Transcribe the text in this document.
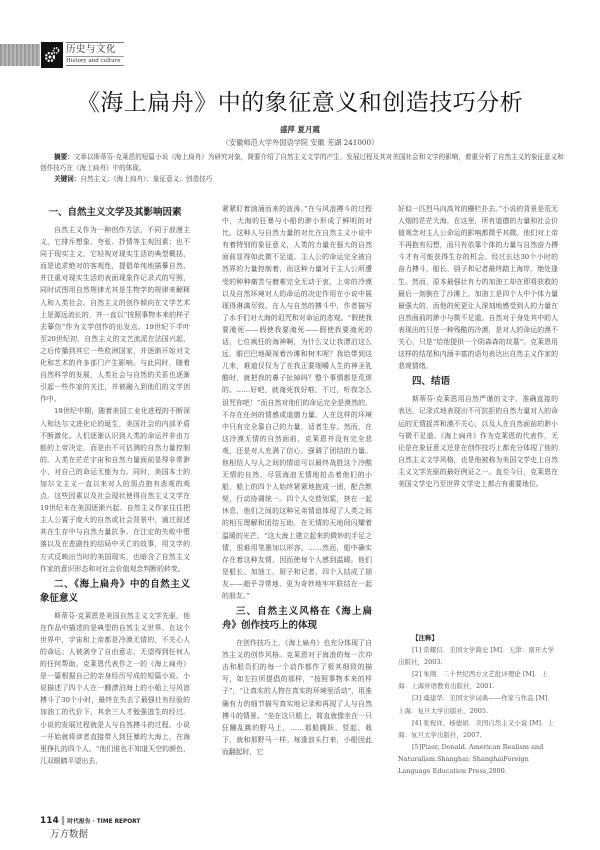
历史与文化
History and culture
《海上扁舟》中的象征意义和创造技巧分析
盛萍 夏月霞
（安徽师范大学外国语学院 安徽 芜湖 241000）
摘要：文章以斯蒂芬·克莱恩的短篇小说《海上扁舟》为研究对象，简要介绍了自然主义文学的产生、发展过程及其对美国社会和文学的影响，着重分析了自然主义的象征意义和创作技巧在《海上扁舟》中的体现。
关键词：自然主义；《海上扁舟》；象征意义；创造技巧
一、自然主义文学及其影响因素

自然主义作为一种创作方法，不同于浪漫主义，它排斥想象、夸张、抒情等主观因素；也不同于现实主义，它轻视对现实生活的典型概括，而是追求绝对的客观性，提倡单纯地描摹自然，并注重对现实生活的表面现象作记录式的写照，同时试图用自然规律尤其是生物学的规律来解释人和人类社会。自然主义的创作倾向在文学艺术上是源远流长的，并一直以“按照事物本来的样子去摹仿”作为文学创作的出发点。19世纪下半叶至20世纪初，自然主义的文艺流派在法国兴起，之后传播到其它一些欧洲国家，并逐渐开始对文化和艺术的许多部门产生影响。与此同时，随着自然科学的发展，人类社会与自然的关系也逐渐引起一些作家的关注，并被融入到他们的文学创作中。

19世纪中期，随着美国工业化进程的不断深入和达尔文进化论的诞生，美国社会的内部矛盾不断激化。人们逐渐认识到人类的命运并非由万能的上帝决定，而是由不可估测的自然力量控制的。人类在茫茫宇宙和自然力量面前显得非常渺小，对自己的命运无能为力。同时，美国本土的加尔文主义一直以来对人的弱点抱有悲观的观点。这些因素以及社会现状使得自然主义文学在19世纪末在美国逐渐兴起。自然主义作家往往把主人公置于庞大的自然或社会背景中，通过叙述其在生存中与自然力量抗争、在注定的失败中堕落以及在悲剧性的结局中灭亡的故事，用文学的方式反映出当时的美国现实，也暗含了自然主义作家的意识形态和对社会价值观念判断的转变。

二、《海上扁舟》中的自然主义象征意义

斯蒂芬·克莱恩是美国自然主义文学先驱，他在作品中描述的是典型的自然主义世界。在这个世界中，宇宙和上帝都是冷漠无情的，不关心人的命运；人被剥夺了自由意志、无望得到任何人的任何帮助。克莱恩代表作之一的《海上扁舟》是一篇根据自己的亲身经历写成的短篇小说。小说描述了四个人在一艘漂泊海上的小船上与风浪搏斗了30个小时，最终在失去了最强壮有经验的加油工的代价下，其余三人才勉强逃生的经过。小说的发展过程就是人与自然搏斗的过程。小说一开始就将读者直接带入到狂暴的大海上，在海里挣扎的四个人。“他们谁也不知道天空的颜色，几双眼睛平望出去，

紧紧盯着汹涌而来的波涛。”在与风浪搏斗的过程中，大海的狂暴与小船的渺小形成了鲜明的对比。这种人与自然力量的对比在自然主义小说中有着特别的象征意义，人类的力量在强大的自然面前显得如此微不足道。主人公的命运完全被自然界的力量控制着，而这种力量对于主人公所遭受的种种痛苦与磨难完全无动于衷，上帝的冷漠以及自然环境对人的命运的决定作用在小说中展现得淋漓尽致。在人与自然的搏斗中，作者描写了水手们对大海的诅咒和对命运的悲观。“假使我要淹死——假使我要淹死——假使我要淹死的话，七位疯狂的海神啊，为什么又让我漂泊这么远，眼巴巴地凝视着沙滩和树木呢？我给带到这儿来，难道仅仅为了在我正要细嚼人生的神圣乳酪时，就把我的鼻子扯掉吗？整个事情都是荒谬的。……好吧，就淹死我好啦，不过，听我怎么诅咒你吧！”而自然对他们的命运完全是漠然的，不存在任何的情感或道德力量。人在这样的环境中只有完全靠自己的力量，适者生存。然而，在这冷漠无情的自然面前，克莱恩并没有完全悲观，还是对人充满了信心，强调了团结的力量。他相信人与人之间的情谊可以最终战胜这个冷酷无情的自然。尽管海浪无情地拍击着他们的小船，船上的四个人始终紧紧地抱成一团，配合默契，行动协调统一。四个人交替划桨，挤在一起休息，他们之间的这种兄弟情谊体现了人类之间的相互理解和团结互助，在无情的天地间闪耀着温暖的光芒。“这大海上建立起来的微妙的手足之情，很难用笔墨加以形容。……然而，船中确实存在着这种友情，因而使每个人感到温暖。他们是船长、加油工、厨子和记者，四个人结成了朋友——超乎寻常地、更为奇妙地牢牢联结在一起的朋友。”

三、自然主义风格在《海上扁舟》创作技巧上的体现

在创作技巧上，《海上扁舟》也充分体现了自然主义的创作风格。克莱恩对于海浪的每一次冲击和船员们的每一个动作都作了极其细致的描写，如左拉所提倡的那样，“按照事物本来的样子”，“让真实的人物在真实的环境里活动”，用准确有力的细节描写真实地记录和再现了人与自然搏斗的情景。“坐在这只船上，简直就像坐在一只狂蹦乱跳的野马上，……那船腾跃、竖起、栽下，就和那野马一样。每逢浪头打来，小船因此而翻起时，它

好似一匹烈马向高耸的栅栏扑去。”小说的背景是荒无人烟的茫茫大海，在这里，所有道德的力量和社会价值观念对主人公命运的影响都微乎其微。他们对上帝不再抱有幻想，而只有依靠个体的力量与自然奋力搏斗才有可能获得生存的机会。经过长达30个小时的奋力搏斗，船长、厨子和记者最终踏上海岸，绝处逢生。然而，原本最强壮有力的加油工却在即将获救的最后一刻倒在了沙滩上。加油工是四个人中个体力量最强大的，而他的死更让人深刻地感受到人的力量在自然面前的渺小与微不足道。自然对于身处其中的人表现出的只是一种残酷的冷漠，是对人的命运的漠不关心，只是“给他提供一个阴森森的坟墓”。克莱恩用这样的结尾和内涵丰富的语句表达出自然主义作家的悲观情绪。

四、结语

斯蒂芬·克莱恩用自然严谨的文字，准确直接的表达，记录式地表现出不可抗拒的自然力量对人的命运的无情捉弄和漠不关心，以及人在自然面前的渺小与微不足道。《海上扁舟》作为克莱恩的代表作，无论是在象征意义还是在创作技巧上都充分体现了他的自然主义文学风格，也是他被称为美国文学史上自然主义文学先驱的最好例证之一。直至今日，克莱恩在美国文学史乃至世界文学史上都占有重要地位。

【注释】

[1] 常耀信．美国文学简史 [M]．天津：南开大学出版社，2003.

[2] 朱刚．二十世纪西方文艺批评理论 [M]．上海：上海外语教育出版社，2001.

[3] 虞建华．美国文学词典——作家与作品 [M]．上海：复旦大学出版社，2005.

[4] 张祝祥，杨德娟．美国自然主义小说 [M]．上海：复旦大学出版社，2007.

[5]Pizer, Donald. American Realism and Naturalism.Shanghai: ShanghaiForeign Language Education Press,2000.

114 ‖ 时代报告 · TIME REPORT
万方数据
